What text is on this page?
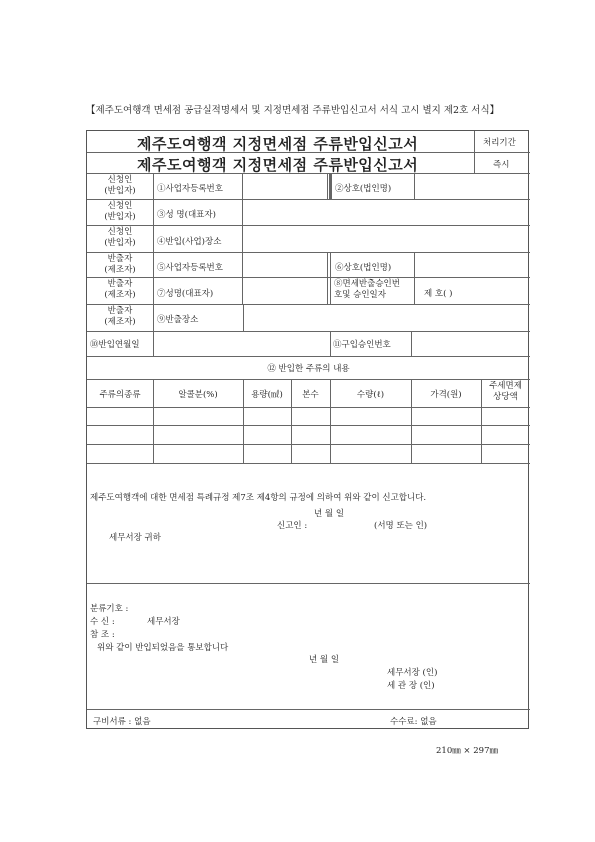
【제주도여행객 면세점 공급실적명세서 및 지정면세점 주류반입신고서 서식 고시 별지 제2호 서식】
제주도여행객 지정면세점 주류반입신고서
제주도여행객 지정면세점 주류반입신고서
처리기간
즉시
신청인
(반입자)	①사업자등록번호	②상호(법인명)
신청인
(반입자)	③성 명(대표자)
신청인
(반입자)	④반입(사업)장소
반출자
(제조자)	⑤사업자등록번호	⑥상호(법인명)
반출자
(제조자)	⑦성명(대표자)
⑧면세반출승인번
호및 승인일자	제 호( )
반출자
(제조자)	⑨반출장소
⑩반입연월일	⑪구입승인번호
⑫ 반입한 주류의 내용
주류의종류	알콜분(%)	용량(㎖)	본수	수량(ℓ)	가격(원)
주세면제
상당액
제주도여행객에 대한 면세점 특례규정 제7조 제4항의 규정에 의하여 위와 같이 신고합니다.
년 월 일
신고인 :	(서명 또는 인)
세무서장 귀하
분류기호 :
수 신 :	세무서장
참 조 :
위와 같이 반입되었음을 통보합니다
년 월 일
세무서장 (인)
세 관 장 (인)
구비서류 : 없음	수수료: 없음
210㎜ × 297㎜
